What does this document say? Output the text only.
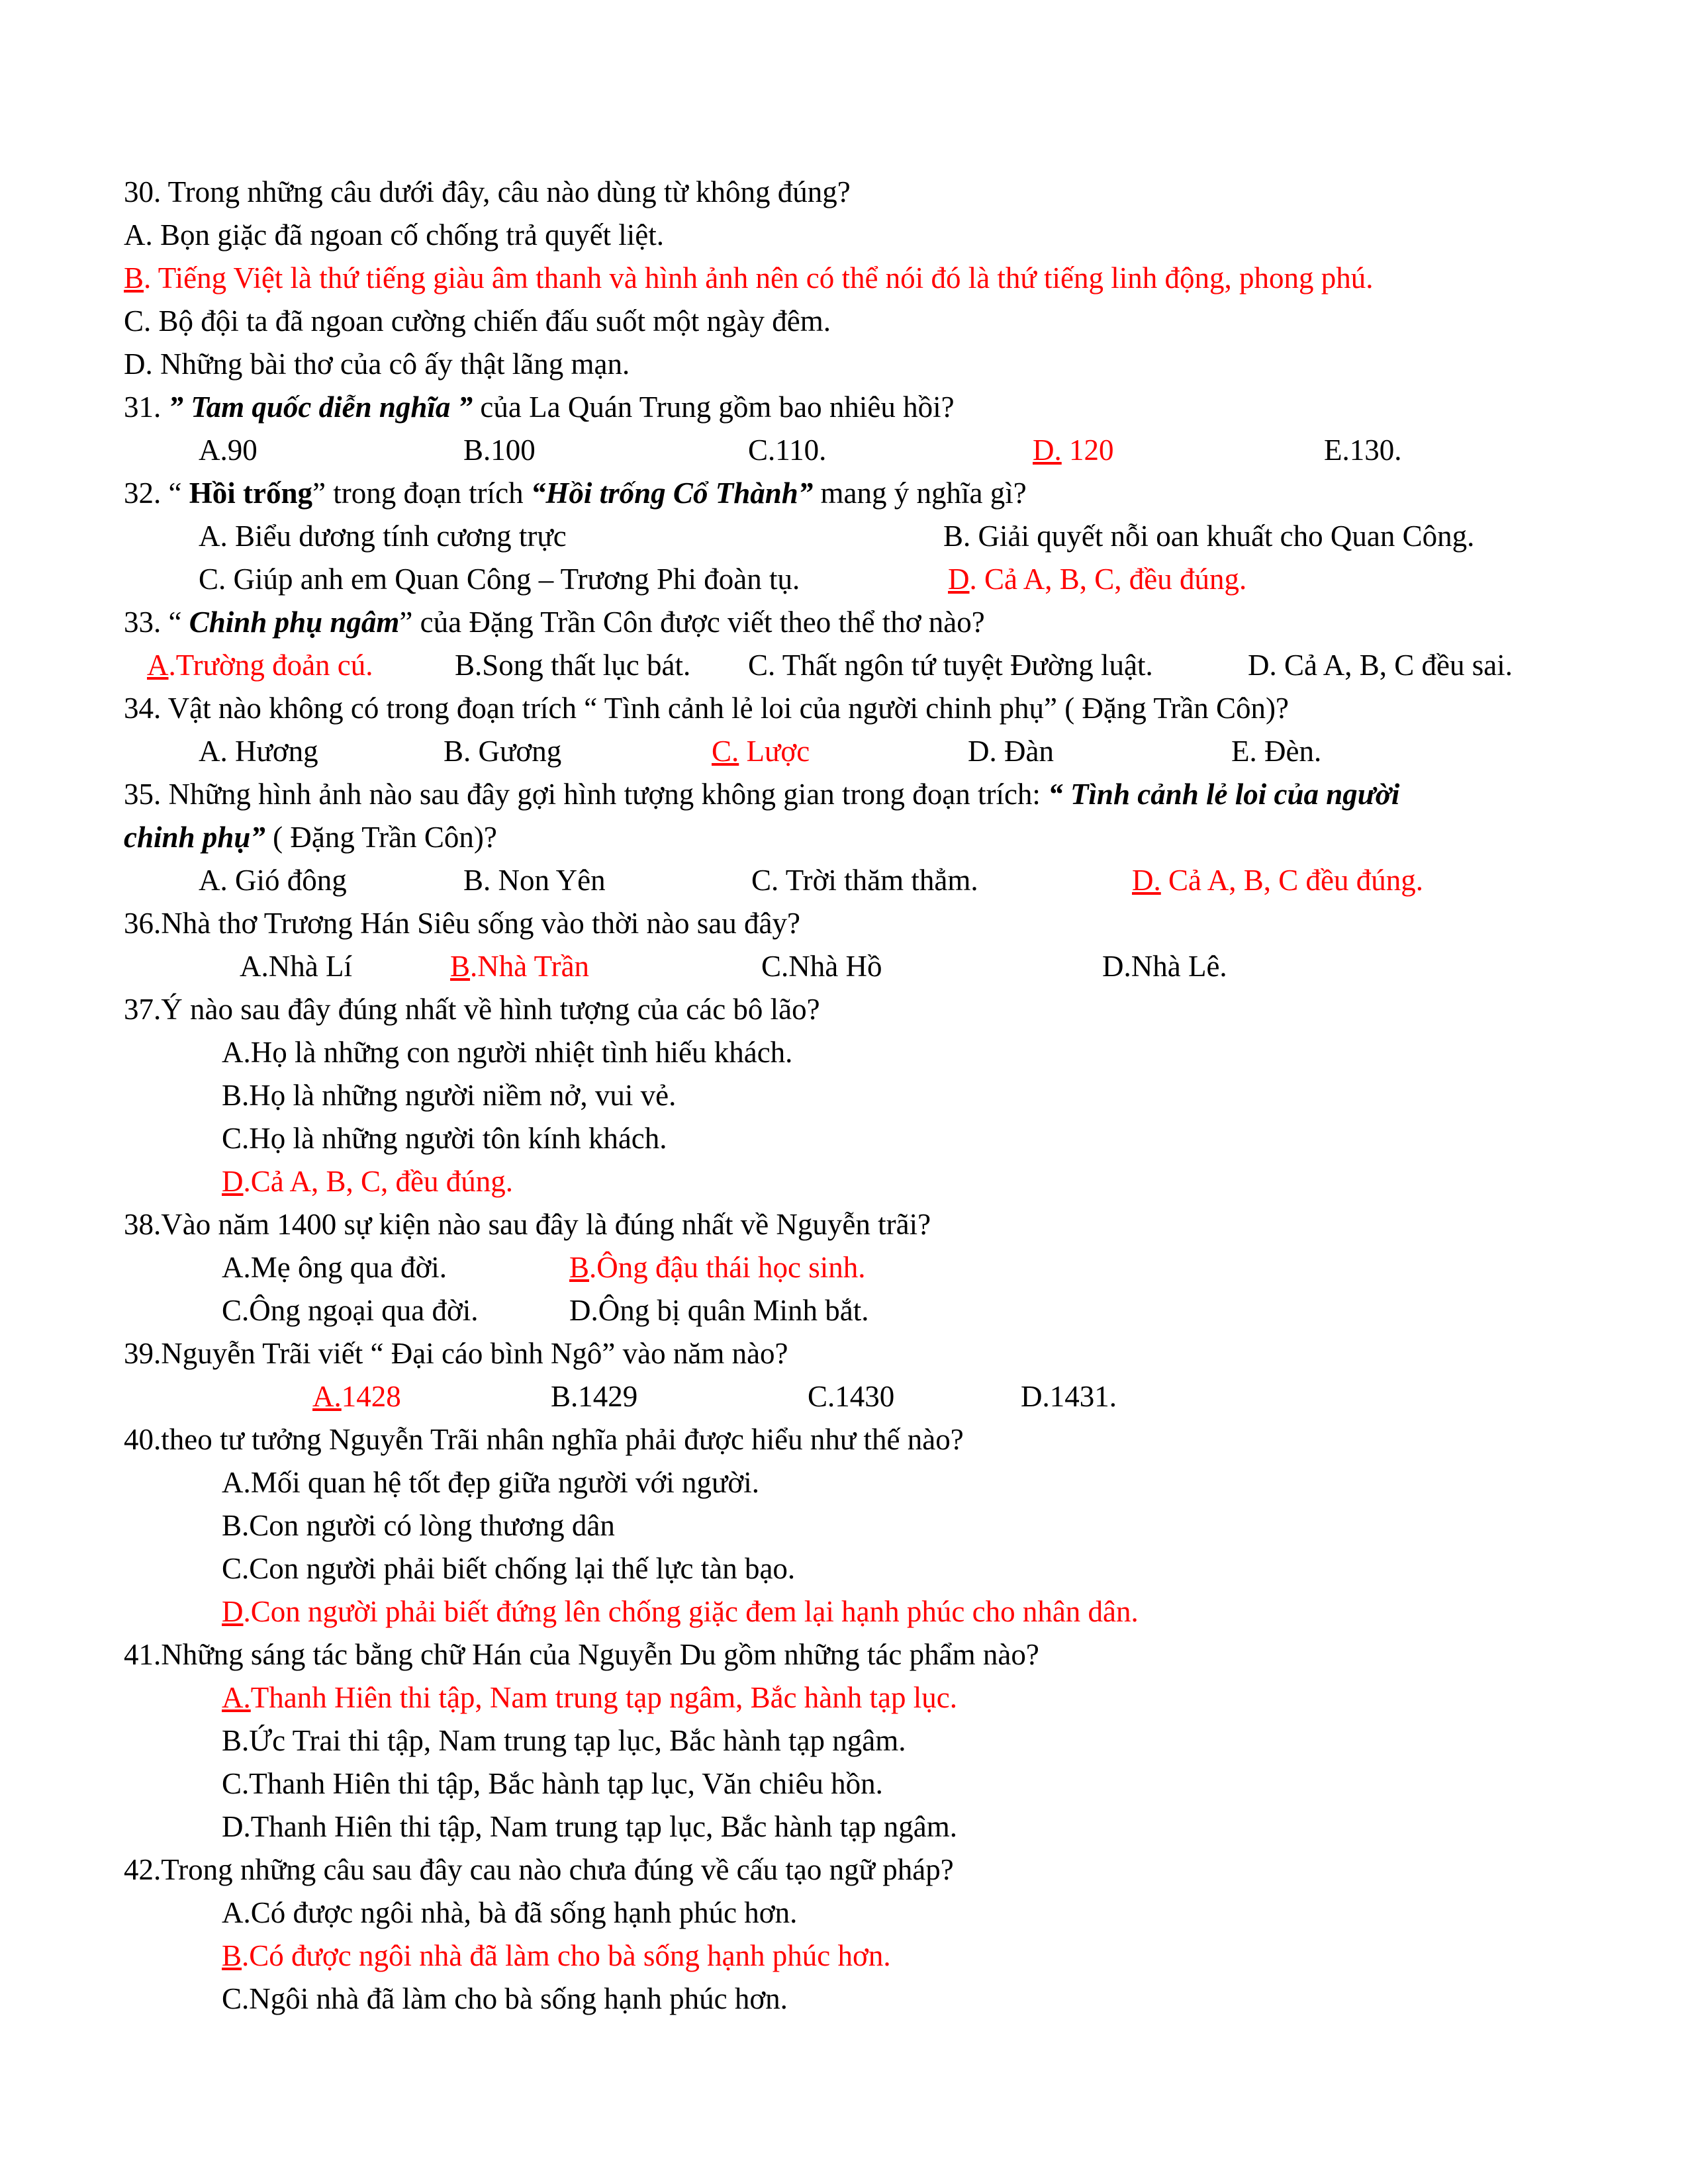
30. Trong những câu dưới đây, câu nào dùng từ không đúng?
A. Bọn giặc đã ngoan cố chống trả quyết liệt.
B. Tiếng Việt là thứ tiếng giàu âm thanh và hình ảnh nên có thể nói đó là thứ tiếng linh động, phong phú.
C. Bộ đội ta đã ngoan cường chiến đấu suốt một ngày đêm.
D. Những bài thơ của cô ấy thật lãng mạn.
31. ” Tam quốc diễn nghĩa ” của La Quán Trung gồm bao nhiêu hồi?
A.90	B.100	C.110.	D. 120	E.130.
32. “ Hồi trống” trong đoạn trích “Hồi trống Cổ Thành” mang ý nghĩa gì?
A. Biểu dương tính cương trực	B. Giải quyết nỗi oan khuất cho Quan Công.
C. Giúp anh em Quan Công – Trương Phi đoàn tụ.	D. Cả A, B, C, đều đúng.
33. “ Chinh phụ ngâm” của Đặng Trần Côn được viết theo thể thơ nào?
A.Trường đoản cú.	B.Song thất lục bát. C. Thất ngôn tứ tuyệt Đường luật.	D. Cả A, B, C đều sai.
34. Vật nào không có trong đoạn trích “ Tình cảnh lẻ loi của người chinh phụ” ( Đặng Trần Côn)?
A. Hương	B. Gương	C. Lược	D. Đàn	E. Đèn.
35. Những hình ảnh nào sau đây gợi hình tượng không gian trong đoạn trích: “ Tình cảnh lẻ loi của người
chinh phụ” ( Đặng Trần Côn)?
A. Gió đông	B. Non Yên	C. Trời thăm thẳm.	D. Cả A, B, C đều đúng.
36.Nhà thơ Trương Hán Siêu sống vào thời nào sau đây?
A.Nhà Lí	B.Nhà Trần	C.Nhà Hồ	D.Nhà Lê.
37.Ý nào sau đây đúng nhất về hình tượng của các bô lão?
A.Họ là những con người nhiệt tình hiếu khách.
B.Họ là những người niềm nở, vui vẻ.
C.Họ là những người tôn kính khách.
D.Cả A, B, C, đều đúng.
38.Vào năm 1400 sự kiện nào sau đây là đúng nhất về Nguyễn trãi?
A.Mẹ ông qua đời.	B.Ông đậu thái học sinh.
C.Ông ngoại qua đời.	D.Ông bị quân Minh bắt.
39.Nguyễn Trãi viết “ Đại cáo bình Ngô” vào năm nào?
A.1428	B.1429	C.1430	D.1431.
40.theo tư tưởng Nguyễn Trãi nhân nghĩa phải được hiểu như thế nào?
A.Mối quan hệ tốt đẹp giữa người với người.
B.Con người có lòng thương dân
C.Con người phải biết chống lại thế lực tàn bạo.
D.Con người phải biết đứng lên chống giặc đem lại hạnh phúc cho nhân dân.
41.Những sáng tác bằng chữ Hán của Nguyễn Du gồm những tác phẩm nào?
A.Thanh Hiên thi tập, Nam trung tạp ngâm, Bắc hành tạp lục.
B.Ức Trai thi tập, Nam trung tạp lục, Bắc hành tạp ngâm.
C.Thanh Hiên thi tập, Bắc hành tạp lục, Văn chiêu hồn.
D.Thanh Hiên thi tập, Nam trung tạp lục, Bắc hành tạp ngâm.
42.Trong những câu sau đây cau nào chưa đúng về cấu tạo ngữ pháp?
A.Có được ngôi nhà, bà đã sống hạnh phúc hơn.
B.Có được ngôi nhà đã làm cho bà sống hạnh phúc hơn.
C.Ngôi nhà đã làm cho bà sống hạnh phúc hơn.
